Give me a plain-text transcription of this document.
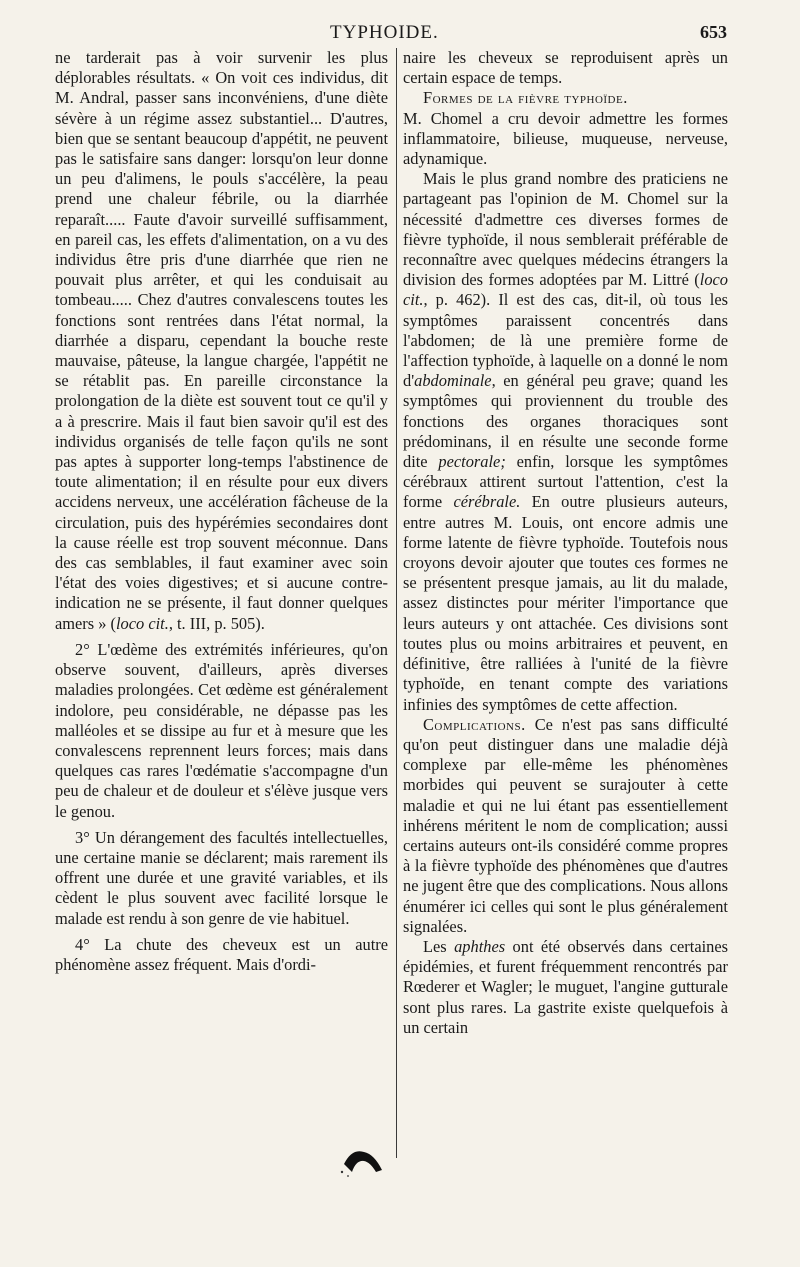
TYPHOIDE.	653

ne tarderait pas à voir survenir les plus déplorables résultats. « On voit ces individus, dit M. Andral, passer sans inconvéniens, d'une diète sévère à un régime assez substantiel... D'autres, bien que se sentant beaucoup d'appétit, ne peuvent pas le satisfaire sans danger: lorsqu'on leur donne un peu d'alimens, le pouls s'accélère, la peau prend une chaleur fébrile, ou la diarrhée reparaît..... Faute d'avoir surveillé suffisamment, en pareil cas, les effets d'alimentation, on a vu des individus être pris d'une diarrhée que rien ne pouvait plus arrêter, et qui les conduisait au tombeau..... Chez d'autres convalescens toutes les fonctions sont rentrées dans l'état normal, la diarrhée a disparu, cependant la bouche reste mauvaise, pâteuse, la langue chargée, l'appétit ne se rétablit pas. En pareille circonstance la prolongation de la diète est souvent tout ce qu'il y a à prescrire. Mais il faut bien savoir qu'il est des individus organisés de telle façon qu'ils ne sont pas aptes à supporter long-temps l'abstinence de toute alimentation; il en résulte pour eux divers accidens nerveux, une accélération fâcheuse de la circulation, puis des hypérémies secondaires dont la cause réelle est trop souvent méconnue. Dans des cas semblables, il faut examiner avec soin l'état des voies digestives; et si aucune contre-indication ne se présente, il faut donner quelques amers » (loco cit., t. III, p. 505).

2° L'œdème des extrémités inférieures, qu'on observe souvent, d'ailleurs, après diverses maladies prolongées. Cet œdème est généralement indolore, peu considérable, ne dépasse pas les malléoles et se dissipe au fur et à mesure que les convalescens reprennent leurs forces; mais dans quelques cas rares l'œdématie s'accompagne d'un peu de chaleur et de douleur et s'élève jusque vers le genou.

3° Un dérangement des facultés intellectuelles, une certaine manie se déclarent; mais rarement ils offrent une durée et une gravité variables, et ils cèdent le plus souvent avec facilité lorsque le malade est rendu à son genre de vie habituel.

4° La chute des cheveux est un autre phénomène assez fréquent. Mais d'ordi-

naire les cheveux se reproduisent après un certain espace de temps.

Formes de la fièvre typhoïde.
M. Chomel a cru devoir admettre les formes inflammatoire, bilieuse, muqueuse, nerveuse, adynamique.

Mais le plus grand nombre des praticiens ne partageant pas l'opinion de M. Chomel sur la nécessité d'admettre ces diverses formes de fièvre typhoïde, il nous semblerait préférable de reconnaître avec quelques médecins étrangers la division des formes adoptées par M. Littré (loco cit., p. 462). Il est des cas, dit-il, où tous les symptômes paraissent concentrés dans l'abdomen; de là une première forme de l'affection typhoïde, à laquelle on a donné le nom d'abdominale, en général peu grave; quand les symptômes qui proviennent du trouble des fonctions des organes thoraciques sont prédominans, il en résulte une seconde forme dite pectorale; enfin, lorsque les symptômes cérébraux attirent surtout l'attention, c'est la forme cérébrale. En outre plusieurs auteurs, entre autres M. Louis, ont encore admis une forme latente de fièvre typhoïde. Toutefois nous croyons devoir ajouter que toutes ces formes ne se présentent presque jamais, au lit du malade, assez distinctes pour mériter l'importance que leurs auteurs y ont attachée. Ces divisions sont toutes plus ou moins arbitraires et peuvent, en définitive, être ralliées à l'unité de la fièvre typhoïde, en tenant compte des variations infinies des symptômes de cette affection.

Complications. Ce n'est pas sans difficulté qu'on peut distinguer dans une maladie déjà complexe par elle-même les phénomènes morbides qui peuvent se surajouter à cette maladie et qui ne lui étant pas essentiellement inhérens méritent le nom de complication; aussi certains auteurs ont-ils considéré comme propres à la fièvre typhoïde des phénomènes que d'autres ne jugent être que des complications. Nous allons énumérer ici celles qui sont le plus généralement signalées.

Les aphthes ont été observés dans certaines épidémies, et furent fréquemment rencontrés par Rœderer et Wagler; le muguet, l'angine gutturale sont plus rares. La gastrite existe quelquefois à un certain
